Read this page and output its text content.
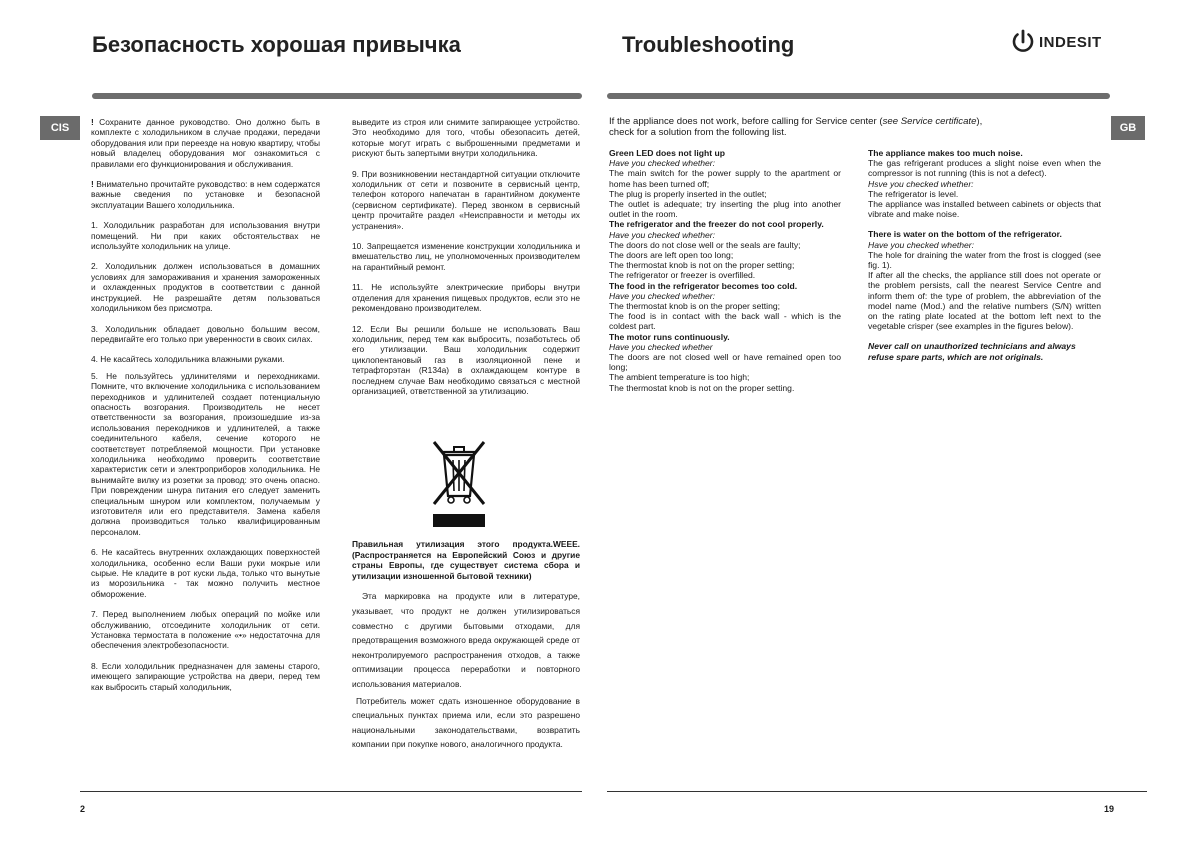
Безопасность хорошая привычка	Troubleshooting	INDESIT
CIS	GB

! Сохраните данное руководство. Оно должно быть в комплекте с холодильником в случае продажи, передачи оборудования или при переезде на новую квартиру, чтобы новый владелец оборудования мог ознакомиться с правилами его функционирования и обслуживания.

! Внимательно прочитайте руководство: в нем содержатся важные сведения по установке и безопасной эксплуатации Вашего холодильника.

1. Холодильник разработан для использования внутри помещений. Ни при каких обстоятельствах не используйте холодильник на улице.

2. Холодильник должен использоваться в домашних условиях для замораживания и хранения замороженных и охлажденных продуктов в соответствии с данной инструкцией. Не разрешайте детям пользоваться холодильником без присмотра.

3. Холодильник обладает довольно большим весом, передвигайте его только при уверенности в своих силах.

4. Не касайтесь холодильника влажными руками.

5. Не пользуйтесь удлинителями и переходниками. Помните, что включение холодильника с использованием переходников и удлинителей создает потенциальную опасность возгорания. Производитель не несет ответственности за возгорания, произошедшие из-за использования перекодников и удлинителей, а также соединительного кабеля, сечение которого не соответствует потребляемой мощности. При установке холодильника необходимо проверить соответствие характеристик сети и электроприборов холодильника. Не вынимайте вилку из розетки за провод: это очень опасно. При повреждении шнура питания его следует заменить специальным шнуром или комплектом, получаемым у изготовителя или его представителя. Замена кабеля должна производиться только квалифицированным персоналом.

6. Не касайтесь внутренних охлаждающих поверхностей холодильника, особенно если Ваши руки мокрые или сырые. Не кладите в рот куски льда, только что вынутые из морозильника - так можно получить местное обморожение.

7. Перед выполнением любых операций по мойке или обслуживанию, отсоедините холодильник от сети. Установка термостата в положение «•» недостаточна для обеспечения электробезопасности.

8. Если холодильник предназначен для замены старого, имеющего запирающие устройства на двери, перед тем как выбросить старый холодильник,

выведите из строя или снимите запирающее устройство. Это необходимо для того, чтобы обезопасить детей, которые могут играть с выброшенными предметами и рискуют быть запертыми внутри холодильника.

9. При возникновении нестандартной ситуации отключите холодильник от сети и позвоните в сервисный центр, телефон которого напечатан в гарантийном документе (сервисном сертификате). Перед звонком в сервисный центр прочитайте раздел «Неисправности и методы их устранения».

10. Запрещается изменение конструкции холодильника и вмешательство лиц, не уполномоченных производителем на гарантийный ремонт.

11. Не используйте электрические приборы внутри отделения для хранения пищевых продуктов, если это не рекомендовано производителем.

12. Если Вы решили больше не использовать Ваш холодильник, перед тем как выбросить, позаботьтесь об его утилизации. Ваш холодильник содержит циклопентановый газ в изоляционной пене и тетрафторэтан (R134a) в охлаждающем контуре в последнем случае Вам необходимо связаться с местной организацией, ответственной за утилизацию.

Правильная утилизация этого продукта.WEEE. (Распространяется на Европейский Союз и другие страны Европы, где существует система сбора и утилизации изношенной бытовой техники)

Эта маркировка на продукте или в литературе, указывает, что продукт не должен утилизироваться совместно с другими бытовыми отходами, для предотвращения возможного вреда окружающей среде от неконтролируемого распространения отходов, а также оптимизации процесса переработки и повторного использования материалов.

Потребитель может сдать изношенное оборудование в специальных пунктах приема или, если это разрешено национальными законодательствами, возвратить компании при покупке нового, аналогичного продукта.

If the appliance does not work, before calling for Service center (see Service certificate), check for a solution from the following list.
Green LED does not light up
Have you checked whether:
The main switch for the power supply to the apartment or home has been turned off;
The plug is properly inserted in the outlet;
The outlet is adequate; try inserting the plug into another outlet in the room.
The refrigerator and the freezer do not cool properly.
Have you checked whether:
The doors do not close well or the seals are faulty;
The doors are left open too long;
The thermostat knob is not on the proper setting;
The refrigerator or freezer is overfilled.
The food in the refrigerator becomes too cold.
Have you checked whether:
The thermostat knob is on the proper setting;
The food is in contact with the back wall - which is the coldest part.
The motor runs continuously.
Have you checked whether
The doors are not closed well or have remained open too long;
The ambient temperature is too high;
The thermostat knob is not on the proper setting.
The appliance makes too much noise.
The gas refrigerant produces a slight noise even when the compressor is not running (this is not a defect).
Hsve you checked whether:
The refrigerator is level.
The appliance was installed between cabinets or objects that vibrate and make noise.
There is water on the bottom of the refrigerator.
Have you checked whether:
The hole for draining the water from the frost is clogged (see fig. 1).
If after all the checks, the appliance still does not operate or the problem persists, call the nearest Service Centre and inform them of: the type of problem, the abbreviation of the model name (Mod.) and the relative numbers (S/N) written on the rating plate located at the bottom left next to the vegetable crisper (see examples in the figures below).
Never call on unauthorized technicians and always refuse spare parts, which are not originals.
2	19
